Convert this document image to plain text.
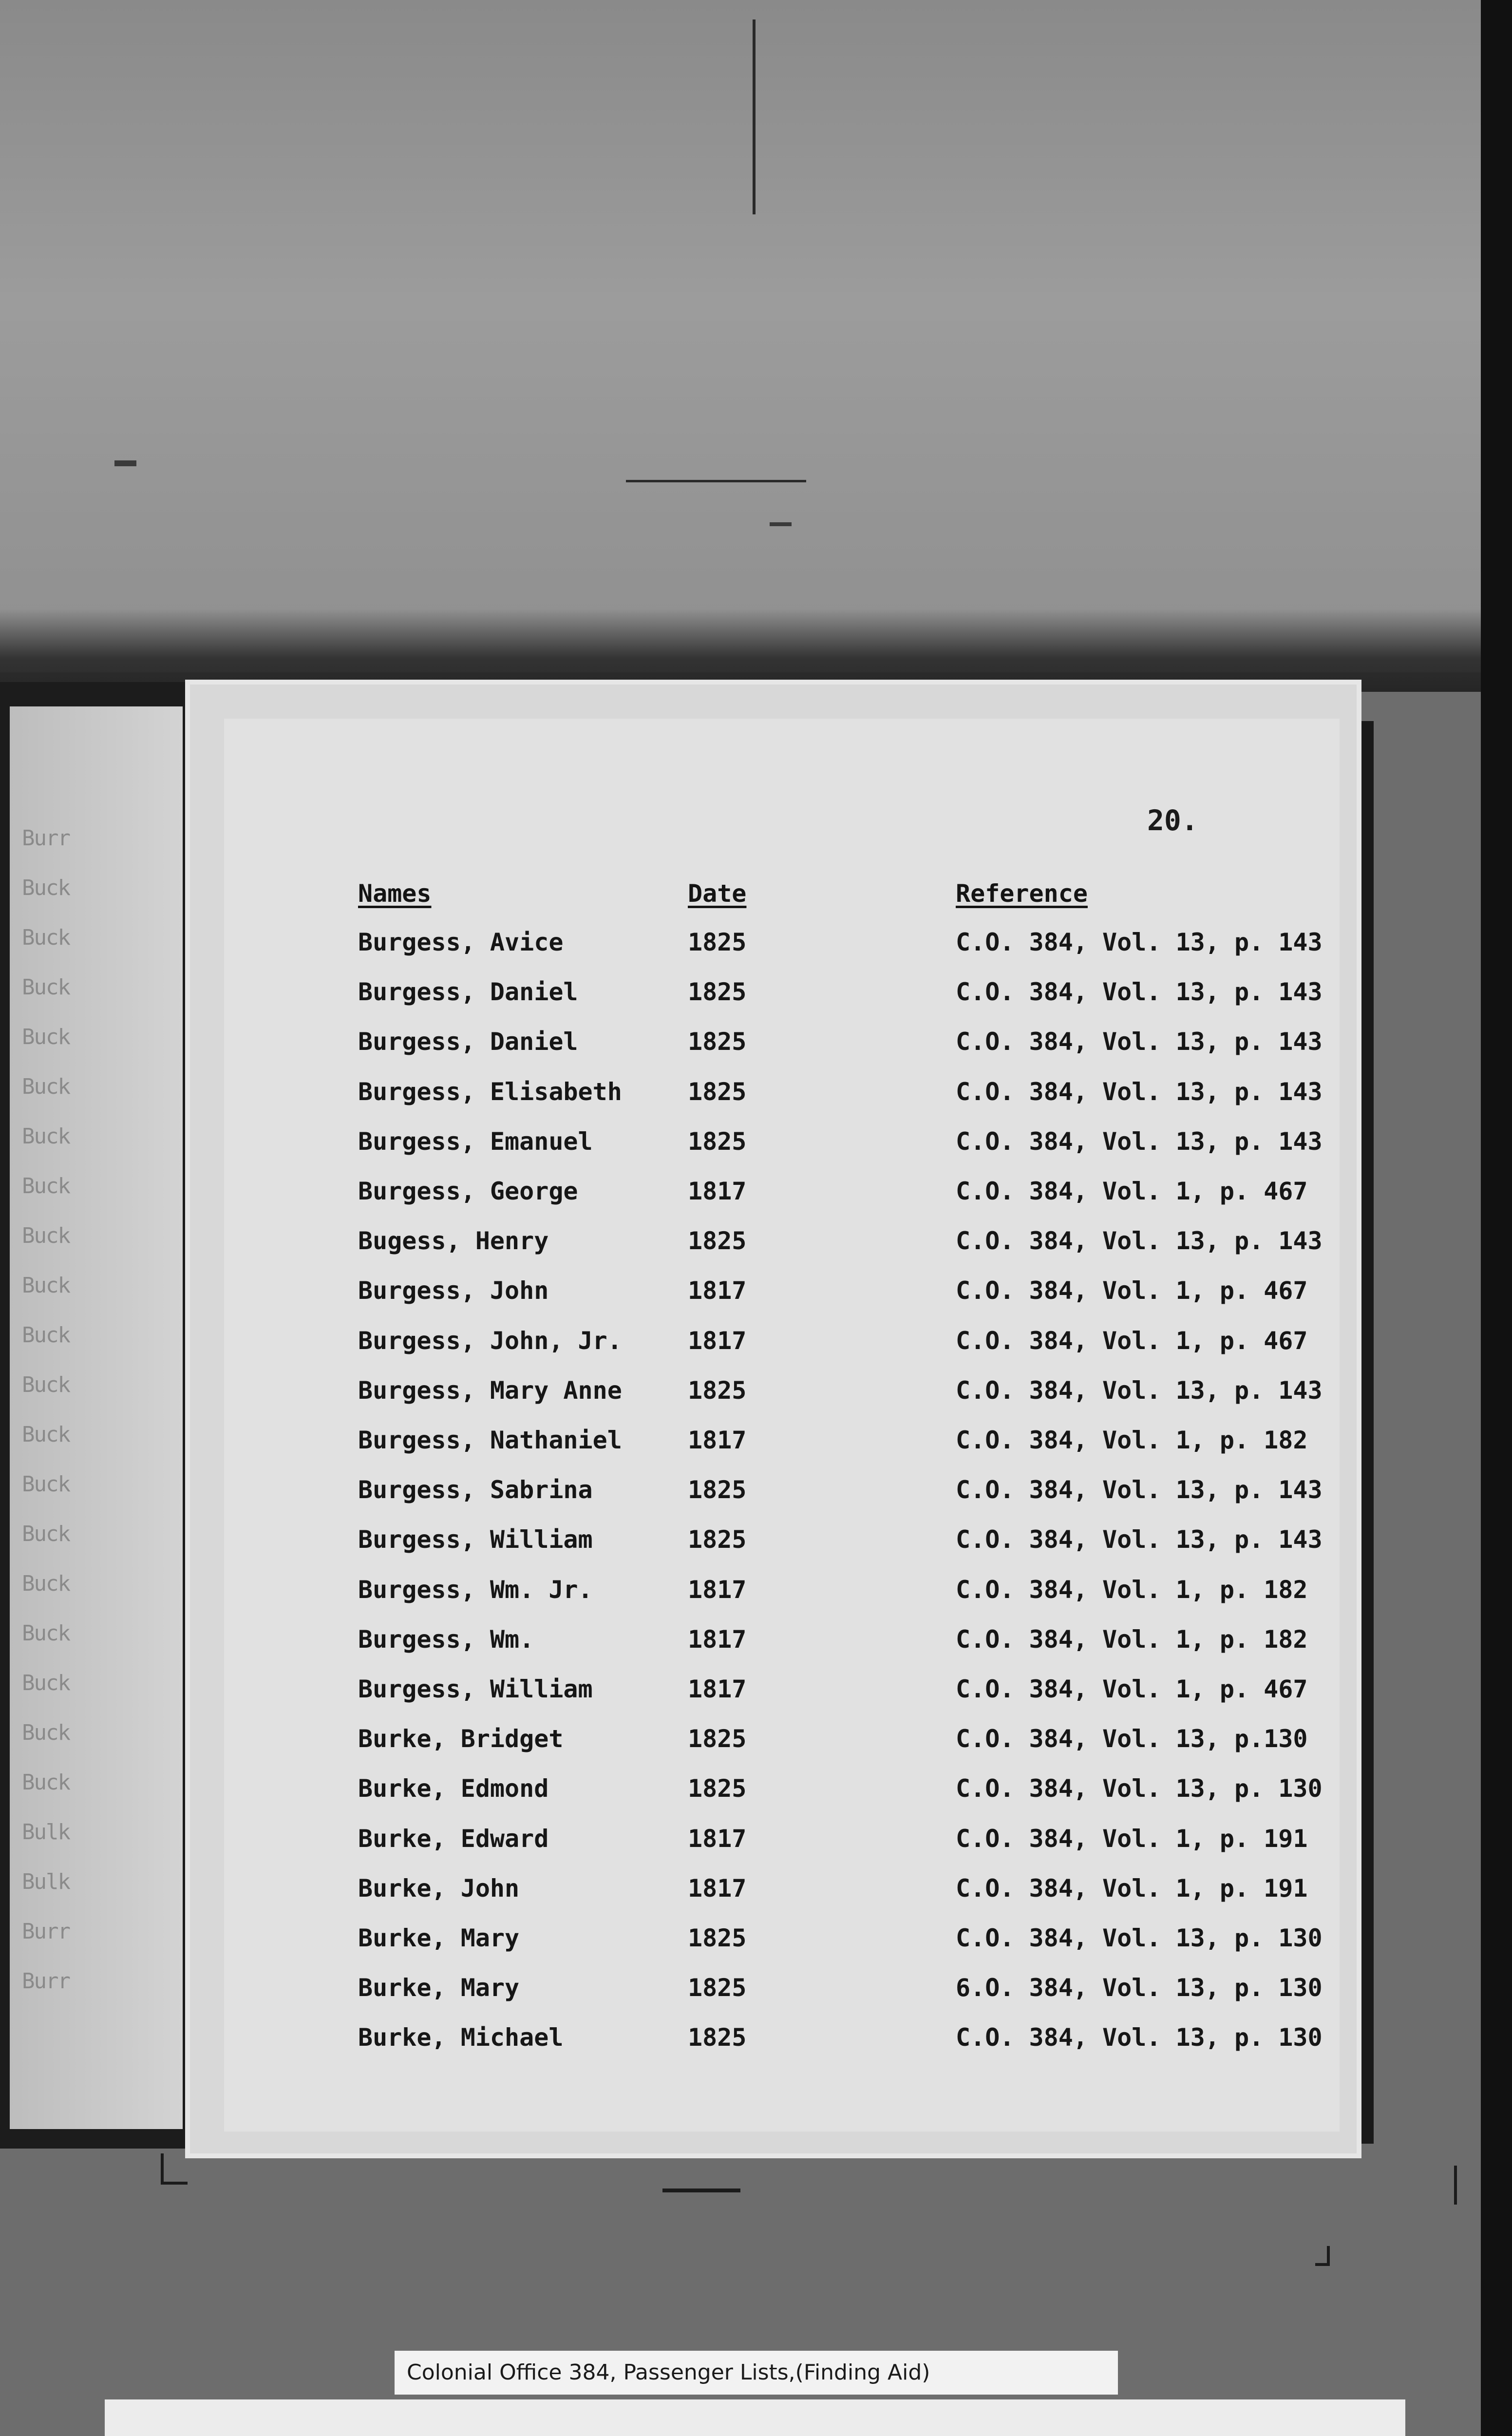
Burr
Buck
Buck
Buck
Buck
Buck
Buck
Buck
Buck
Buck
Buck
Buck
Buck
Buck
Buck
Buck
Buck
Buck
Buck
Buck
Bulk
Bulk
Burr
Burr
20.
Names	Date	Reference
Burgess, Avice	1825	C.O. 384, Vol. 13, p. 143
Burgess, Daniel	1825	C.O. 384, Vol. 13, p. 143
Burgess, Daniel	1825	C.O. 384, Vol. 13, p. 143
Burgess, Elisabeth	1825	C.O. 384, Vol. 13, p. 143
Burgess, Emanuel	1825	C.O. 384, Vol. 13, p. 143
Burgess, George	1817	C.O. 384, Vol. 1, p. 467
Bugess, Henry	1825	C.O. 384, Vol. 13, p. 143
Burgess, John	1817	C.O. 384, Vol. 1, p. 467
Burgess, John, Jr.	1817	C.O. 384, Vol. 1, p. 467
Burgess, Mary Anne	1825	C.O. 384, Vol. 13, p. 143
Burgess, Nathaniel	1817	C.O. 384, Vol. 1, p. 182
Burgess, Sabrina	1825	C.O. 384, Vol. 13, p. 143
Burgess, William	1825	C.O. 384, Vol. 13, p. 143
Burgess, Wm. Jr.	1817	C.O. 384, Vol. 1, p. 182
Burgess, Wm.	1817	C.O. 384, Vol. 1, p. 182
Burgess, William	1817	C.O. 384, Vol. 1, p. 467
Burke, Bridget	1825	C.O. 384, Vol. 13, p.130
Burke, Edmond	1825	C.O. 384, Vol. 13, p. 130
Burke, Edward	1817	C.O. 384, Vol. 1, p. 191
Burke, John	1817	C.O. 384, Vol. 1, p. 191
Burke, Mary	1825	C.O. 384, Vol. 13, p. 130
Burke, Mary	1825	6.O. 384, Vol. 13, p. 130
Burke, Michael	1825	C.O. 384, Vol. 13, p. 130
Colonial Office 384, Passenger Lists,(Finding Aid)
